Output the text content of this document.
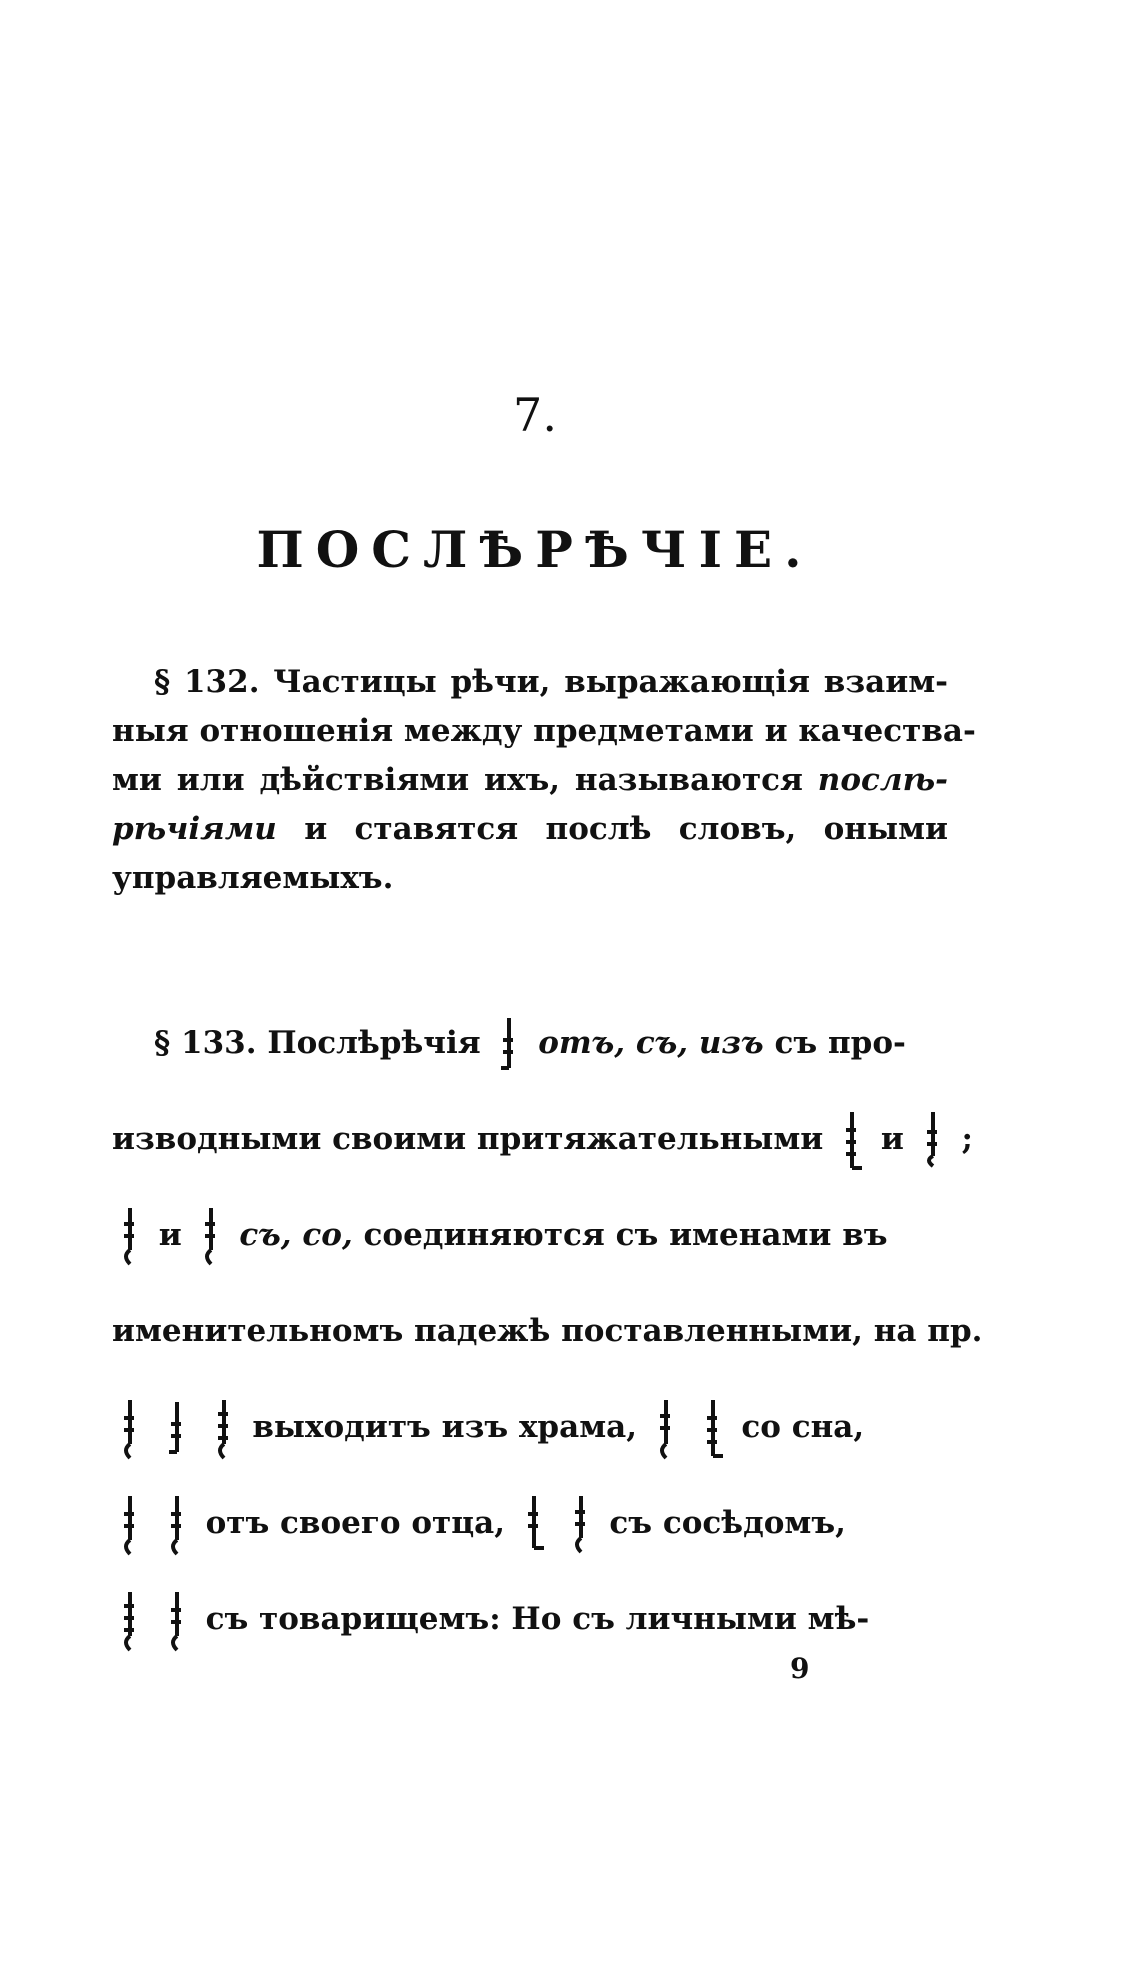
7.
ПОСЛѢРѢЧІЕ.
§ 132. Частицы рѣчи, выражающія взаим-
ныя отношенія между предметами и качества-
ми или дѣйствіями ихъ, называются послѣ-
рѣчіями и ставятся послѣ словъ, оными
управляемыхъ.
§ 133. Послѣрѣчія отъ, съ, изъ съ про-
изводными своими притяжательными и ;
и съ, со, соединяются съ именами въ
именительномъ падежѣ поставленными, на пр.

выходитъ изъ храма,
	со сна,

отъ своего отца,
	съ сосѣдомъ,

съ товарищемъ: Но съ личными мѣ-
9
